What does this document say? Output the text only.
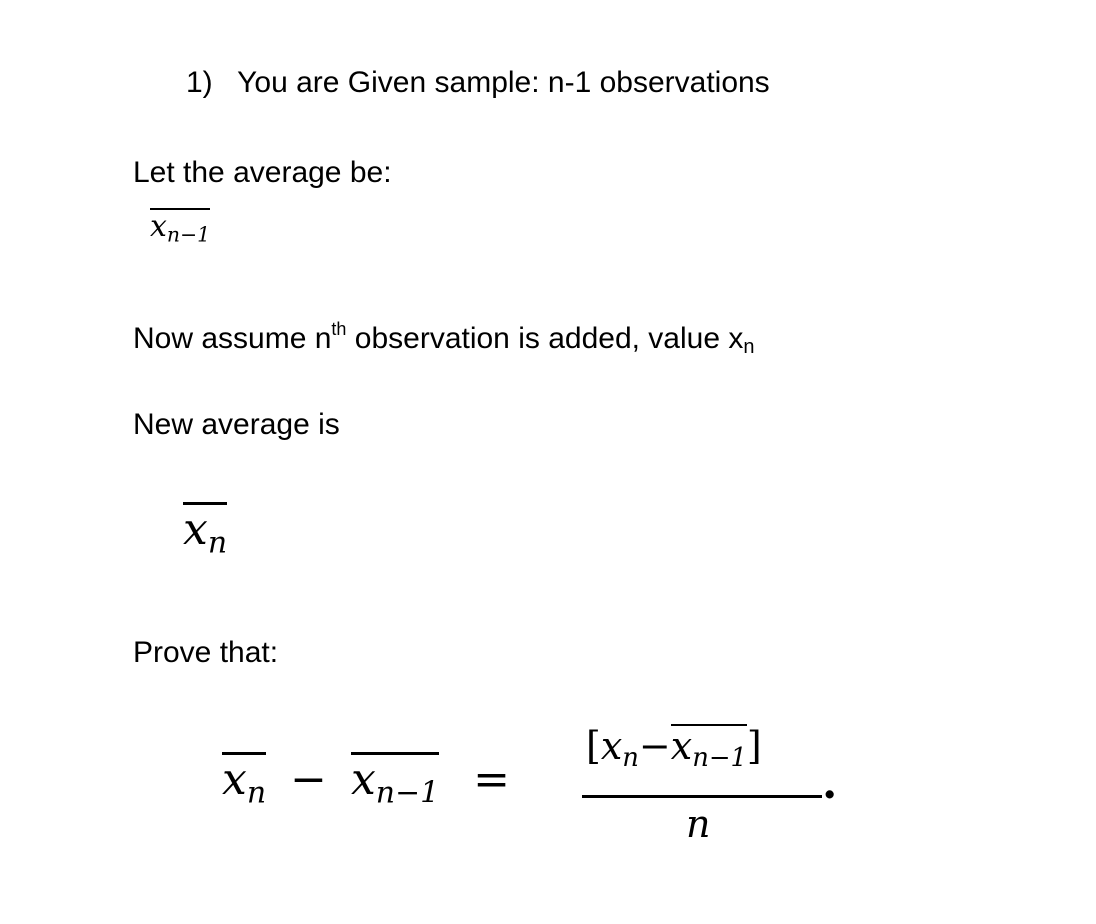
1) You are Given sample: n-1 observations
Let the average be:
xn−1
Now assume $n^{th}$ observation is added, value $x_n$
New average is
xn
Prove that:
xn − xn−1 =
[xn−xn−1]
n
.
